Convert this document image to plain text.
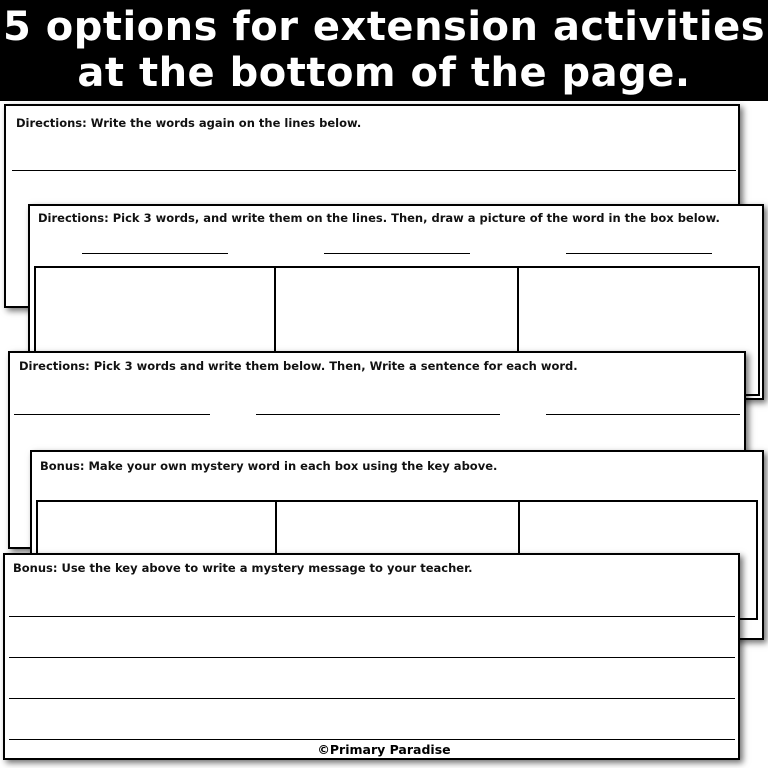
5 options for extension activities
at the bottom of the page.
Directions: Write the words again on the lines below.
Directions: Pick 3 words, and write them on the lines. Then, draw a picture of the word in the box below.
Directions: Pick 3 words and write them below. Then, Write a sentence for each word.
Bonus: Make your own mystery word in each box using the key above.
Bonus: Use the key above to write a mystery message to your teacher.
©Primary Paradise
